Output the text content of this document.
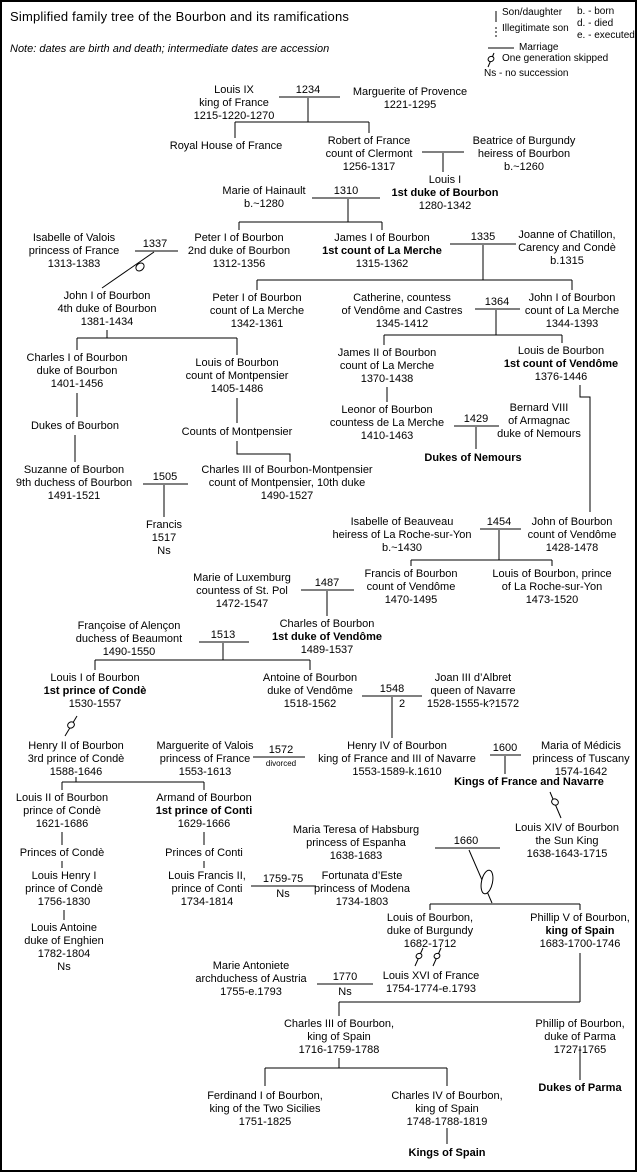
Simplified family tree of the Bourbon and its ramifications
Note: dates are birth and death; intermediate dates are accession
Son/daughter
Illegitimate son
Marriage
One generation skipped
Ns - no succession
b. - born
d. - died
e. - executed
Louis IX
king of France
1215-1220-1270
Marguerite of Provence
1221-1295
Royal House of France	Robert of France
count of Clermont
1256-1317
Beatrice of Burgundy
heiress of Bourbon
b.~1260
Louis I
1st duke of Bourbon
1280-1342
Marie of Hainault
b.~1280
Isabelle of Valois
princess of France
1313-1383
Peter I of Bourbon
2nd duke of Bourbon
1312-1356
James I of Bourbon
1st count of La Merche
1315-1362
Joanne of Chatillon,
Carency and Condè
b.1315
John I of Bourbon
4th duke of Bourbon
1381-1434
Peter I of Bourbon
count of La Merche
1342-1361
Catherine, countess
of Vendôme and Castres
1345-1412
John I of Bourbon
count of La Merche
1344-1393
Charles I of Bourbon
duke of Bourbon
1401-1456
Louis of Bourbon
count of Montpensier
1405-1486
James II of Bourbon
count of La Merche
1370-1438
Louis de Bourbon
1st count of Vendôme
1376-1446
Dukes of Bourbon	Counts of Montpensier
Leonor of Bourbon
countess de La Merche
1410-1463
Bernard VIII
of Armagnac
duke of Nemours
Dukes of Nemours
Suzanne of Bourbon
9th duchess of Bourbon
1491-1521
Charles III of Bourbon-Montpensier
count of Montpensier, 10th duke
1490-1527
Francis
1517
Ns
Isabelle of Beauveau
heiress of La Roche-sur-Yon
b.~1430
John of Bourbon
count of Vendôme
1428-1478
Marie of Luxemburg
countess of St. Pol
1472-1547
Francis of Bourbon
count of Vendôme
1470-1495
Louis of Bourbon, prince
of La Roche-sur-Yon
1473-1520
Françoise of Alençon
duchess of Beaumont
1490-1550
Charles of Bourbon
1st duke of Vendôme
1489-1537
Louis I of Bourbon
1st prince of Condè
1530-1557
Antoine of Bourbon
duke of Vendôme
1518-1562
Joan III d’Albret
queen of Navarre
1528-1555-k?1572
Henry II of Bourbon
3rd prince of Condè
1588-1646
Marguerite of Valois
princess of France
1553-1613
Henry IV of Bourbon
king of France and III of Navarre
1553-1589-k.1610
Maria of Médicis
princess of Tuscany
1574-1642
Kings of France and Navarre
Louis II of Bourbon
prince of Condè
1621-1686
Armand of Bourbon
1st prince of Conti
1629-1666	Maria Teresa of Habsburg
princess of Espanha
1638-1683
Louis XIV of Bourbon
the Sun King
1638-1643-1715
Princes of Condè	Princes of Conti
Louis Henry I
prince of Condè
1756-1830
Louis Francis II,
prince of Conti
1734-1814
Fortunata d’Este
princess of Modena
1734-1803
Louis Antoine
duke of Enghien
1782-1804
Ns
Louis of Bourbon,
duke of Burgundy
1682-1712
Phillip V of Bourbon,
king of Spain
1683-1700-1746
Marie Antoniete
archduchess of Austria
1755-e.1793
Louis XVI of France
1754-1774-e.1793
Charles III of Bourbon,
king of Spain
1716-1759-1788
Phillip of Bourbon,
duke of Parma
1727-1765
Dukes of Parma
Ferdinand I of Bourbon,
king of the Two Sicilies
1751-1825
Charles IV of Bourbon,
king of Spain
1748-1788-1819
Kings of Spain
1234
1310
1337
1335
1364
1429
1505
1454
1487
1513
1548
2
1572
divorced
1600
1660
1759-75
Ns
1770
Ns
